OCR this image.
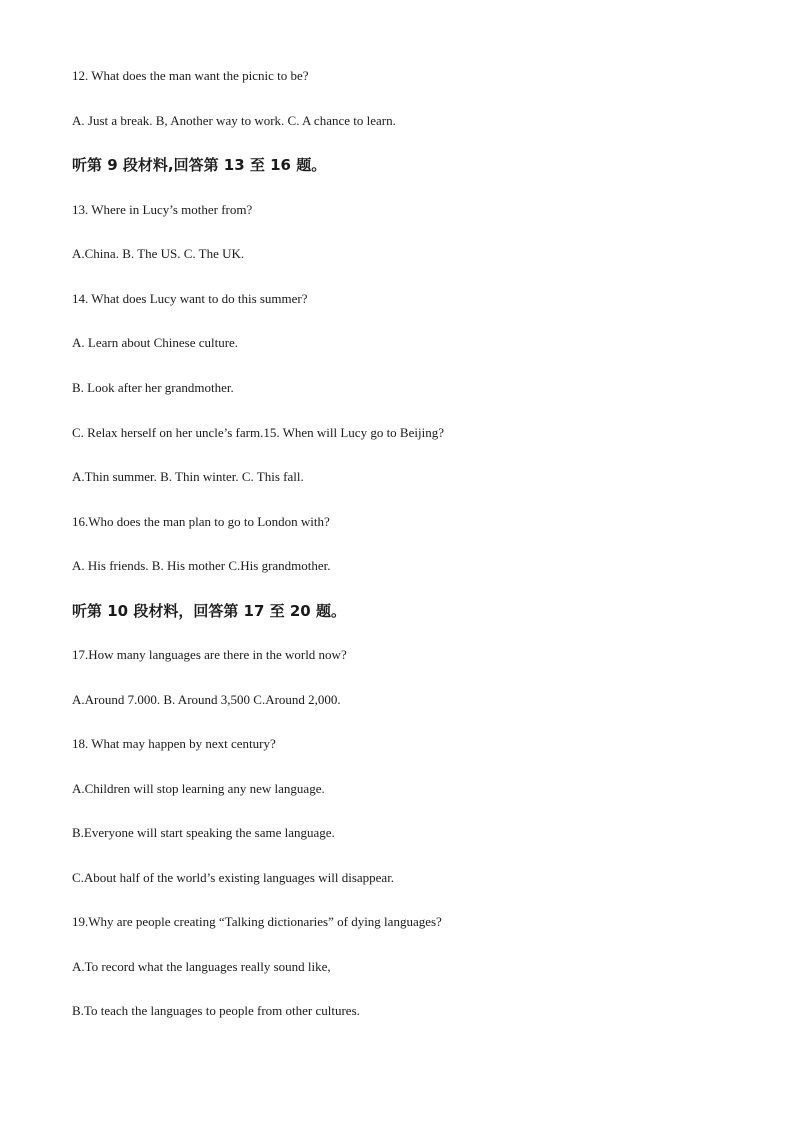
12. What does the man want the picnic to be?
A. Just a break. B, Another way to work. C. A chance to learn.
听第 9 段材料,回答第 13 至 16 题。
13. Where in Lucy’s mother from?
A.China. B. The US. C. The UK.
14. What does Lucy want to do this summer?
A. Learn about Chinese culture.
B. Look after her grandmother.
C. Relax herself on her uncle’s farm.15. When will Lucy go to Beijing?
A.Thin summer. B. Thin winter. C. This fall.
16.Who does the man plan to go to London with?
A. His friends. B. His mother C.His grandmother.
听第 10 段材料，回答第 17 至 20 题。
17.How many languages are there in the world now?
A.Around 7.000. B. Around 3,500 C.Around 2,000.
18. What may happen by next century?
A.Children will stop learning any new language.
B.Everyone will start speaking the same language.
C.About half of the world’s existing languages will disappear.
19.Why are people creating “Talking dictionaries” of dying languages?
A.To record what the languages really sound like,
B.To teach the languages to people from other cultures.
